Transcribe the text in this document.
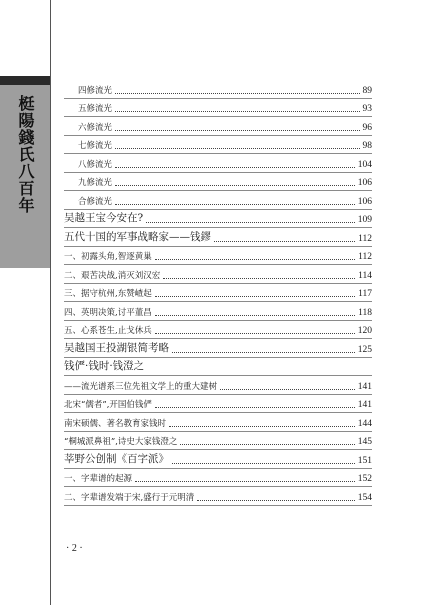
梃陽錢氏八百年
四修流光	89
五修流光	93
六修流光	96
七修流光	98
八修流光	104
九修流光	106
合修流光	106
吴越王宝今安在?	109
五代十国的军事战略家——钱鏐	112
一、初露头角,智逐黄巢	112
二、艰苦决战,消灭刘汉宏	114
三、据守杭州,东赞嵖起	117
四、英明决策,讨平董昌	118
五、心系苍生,止戈休兵	120
吴越国王投湖银简考略	125
钱俨·钱时·钱澄之
——流光谱系三位先祖文学上的重大建树	141
北宋“儒者”,开国伯钱俨	141
南宋硕儒、著名教育家钱时	144
“桐城派鼻祖”,诗史大家钱澄之	145
莘野公创制《百字派》	151
一、字辈谱的起源	152
二、字辈谱发端于宋,盛行于元明清	154
· 2 ·
